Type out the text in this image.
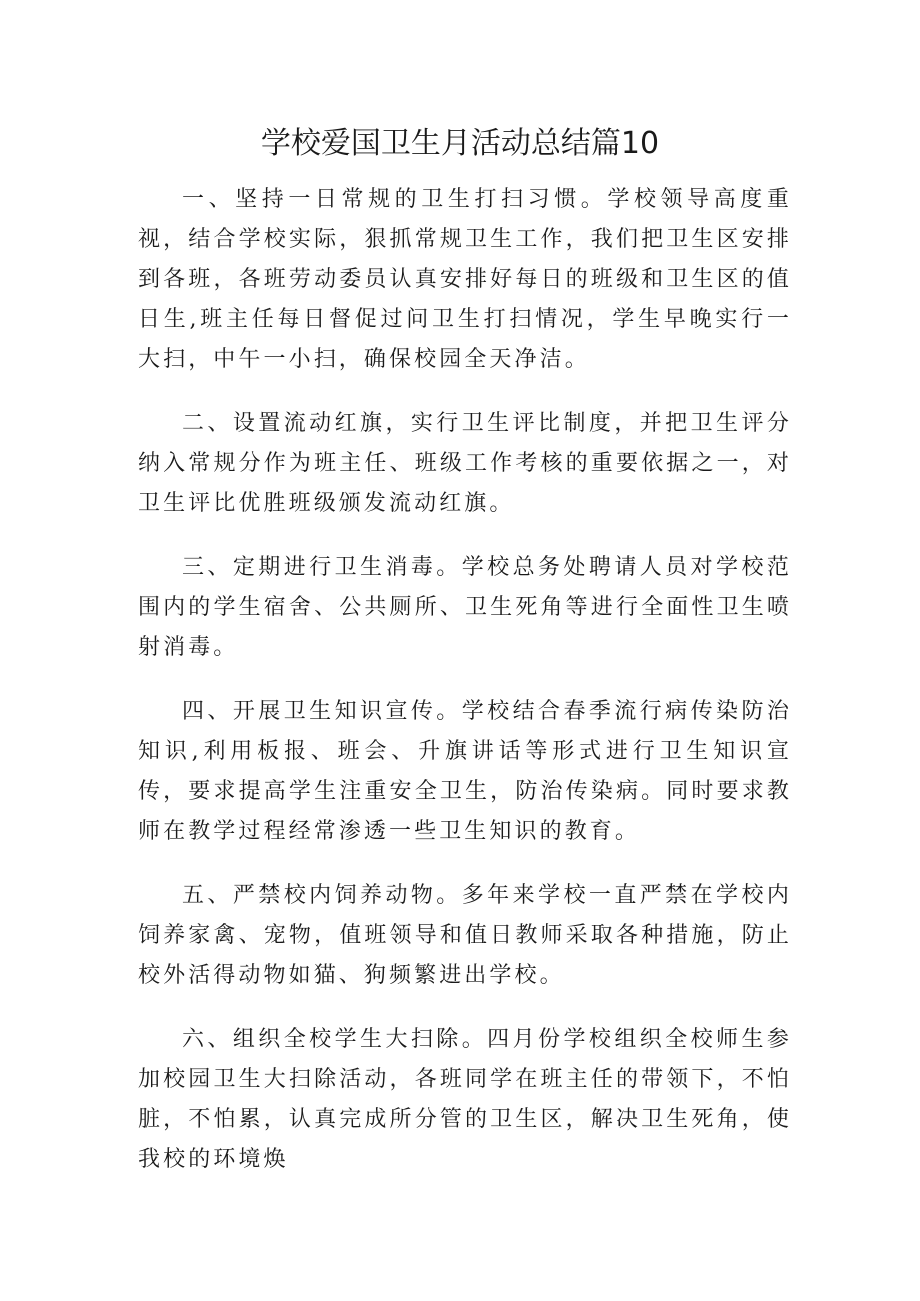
学校爱国卫生月活动总结篇10

一、坚持一日常规的卫生打扫习惯。学校领导高度重视，结合学校实际，狠抓常规卫生工作，我们把卫生区安排到各班，各班劳动委员认真安排好每日的班级和卫生区的值日生,班主任每日督促过问卫生打扫情况，学生早晚实行一大扫，中午一小扫，确保校园全天净洁。

二、设置流动红旗，实行卫生评比制度，并把卫生评分纳入常规分作为班主任、班级工作考核的重要依据之一，对卫生评比优胜班级颁发流动红旗。

三、定期进行卫生消毒。学校总务处聘请人员对学校范围内的学生宿舍、公共厕所、卫生死角等进行全面性卫生喷射消毒。

四、开展卫生知识宣传。学校结合春季流行病传染防治知识,利用板报、班会、升旗讲话等形式进行卫生知识宣传，要求提高学生注重安全卫生，防治传染病。同时要求教师在教学过程经常渗透一些卫生知识的教育。

五、严禁校内饲养动物。多年来学校一直严禁在学校内饲养家禽、宠物，值班领导和值日教师采取各种措施，防止校外活得动物如猫、狗频繁进出学校。

六、组织全校学生大扫除。四月份学校组织全校师生参加校园卫生大扫除活动，各班同学在班主任的带领下，不怕脏，不怕累，认真完成所分管的卫生区，解决卫生死角，使我校的环境焕
